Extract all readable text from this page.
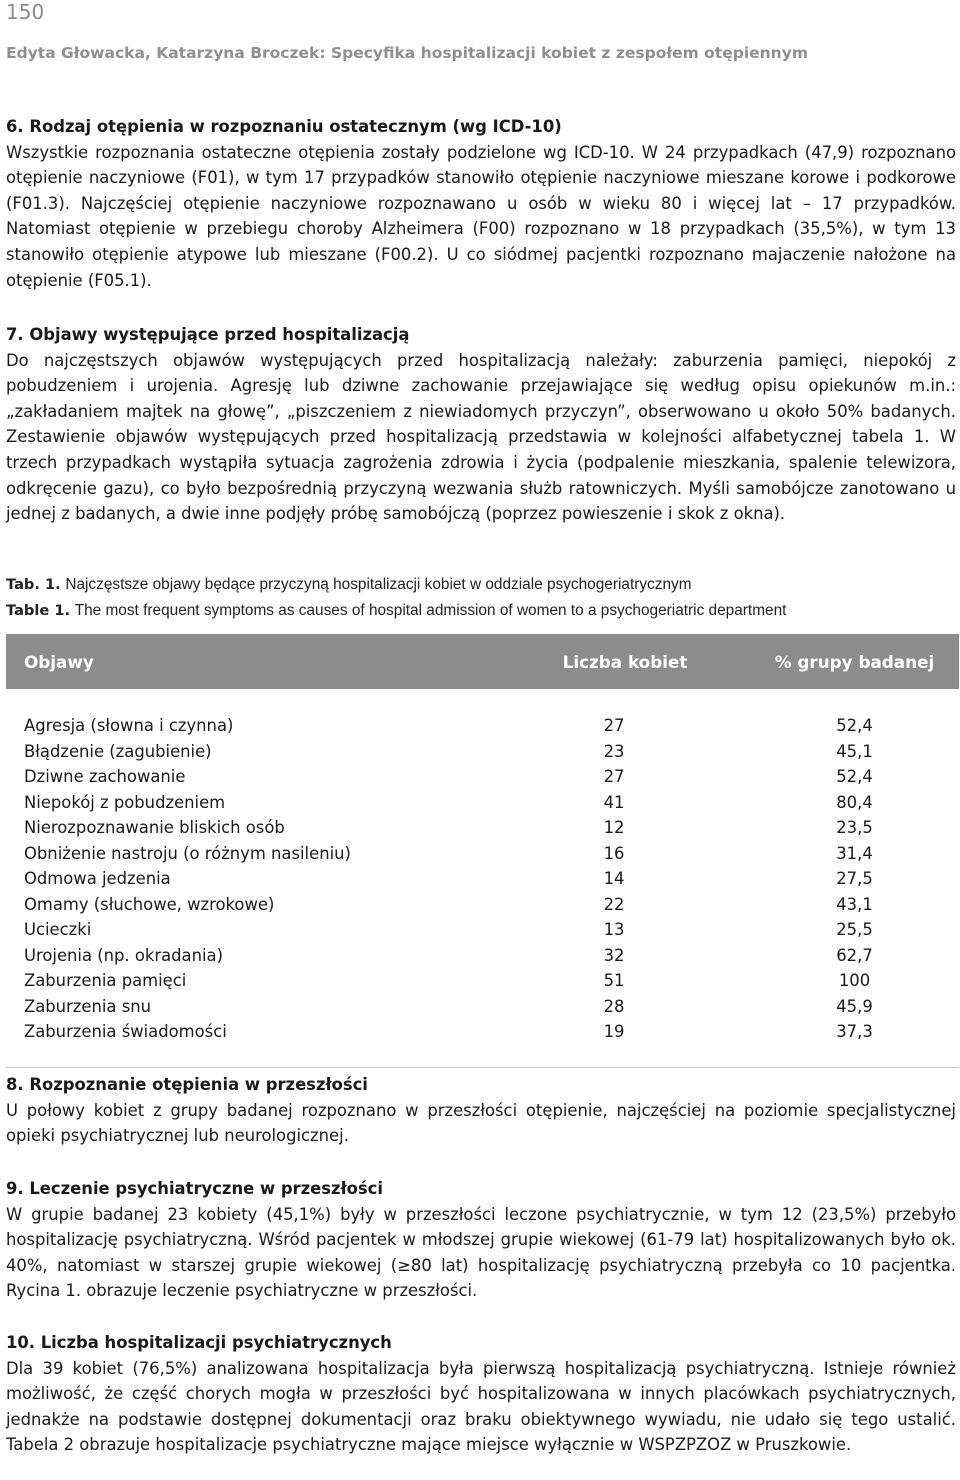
150
Edyta Głowacka, Katarzyna Broczek: Specyfika hospitalizacji kobiet z zespołem otępiennym
6. Rodzaj otępienia w rozpoznaniu ostatecznym (wg ICD-10)

Wszystkie rozpoznania ostateczne otępienia zostały podzielone wg ICD-10. W 24 przypadkach (47,9) rozpoznano otępienie naczyniowe (F01), w tym 17 przypadków stanowiło otępienie naczyniowe mieszane korowe i podkorowe (F01.3). Najczęściej otępienie naczyniowe rozpoznawano u osób w wieku 80 i więcej lat – 17 przypadków. Natomiast otępienie w przebiegu choroby Alzheimera (F00) rozpoznano w 18 przypadkach (35,5%), w tym 13 stanowiło otępienie atypowe lub mieszane (F00.2). U co siódmej pacjentki rozpoznano majaczenie nałożone na otępienie (F05.1).

7. Objawy występujące przed hospitalizacją

Do najczęstszych objawów występujących przed hospitalizacją należały: zaburzenia pamięci, niepokój z pobudzeniem i urojenia. Agresję lub dziwne zachowanie przejawiające się według opisu opiekunów m.in.: „zakładaniem majtek na głowę”, „piszczeniem z niewiadomych przyczyn”, obserwowano u około 50% badanych. Zestawienie objawów występujących przed hospitalizacją przedstawia w kolejności alfabetycznej tabela 1. W trzech przypadkach wystąpiła sytuacja zagrożenia zdrowia i życia (podpalenie mieszkania, spalenie telewizora, odkręcenie gazu), co było bezpośrednią przyczyną wezwania służb ratowniczych. Myśli samobójcze zanotowano u jednej z badanych, a dwie inne podjęły próbę samobójczą (poprzez powieszenie i skok z okna).

Tab. 1. Najczęstsze objawy będące przyczyną hospitalizacji kobiet w oddziale psychogeriatrycznym
Table 1. The most frequent symptoms as causes of hospital admission of women to a psychogeriatric department
Objawy	Liczba kobiet	% grupy badanej

Agresja (słowna i czynna)	27	52,4
Błądzenie (zagubienie)	23	45,1
Dziwne zachowanie	27	52,4
Niepokój z pobudzeniem	41	80,4
Nierozpoznawanie bliskich osób	12	23,5
Obniżenie nastroju (o różnym nasileniu)	16	31,4
Odmowa jedzenia	14	27,5
Omamy (słuchowe, wzrokowe)	22	43,1
Ucieczki	13	25,5
Urojenia (np. okradania)	32	62,7
Zaburzenia pamięci	51	100
Zaburzenia snu	28	45,9
Zaburzenia świadomości	19	37,3

8. Rozpoznanie otępienia w przeszłości

U połowy kobiet z grupy badanej rozpoznano w przeszłości otępienie, najczęściej na poziomie specjalistycznej opieki psychiatrycznej lub neurologicznej.

9. Leczenie psychiatryczne w przeszłości

W grupie badanej 23 kobiety (45,1%) były w przeszłości leczone psychiatrycznie, w tym 12 (23,5%) przebyło hospitalizację psychiatryczną. Wśród pacjentek w młodszej grupie wiekowej (61-79 lat) hospitalizowanych było ok. 40%, natomiast w starszej grupie wiekowej (≥80 lat) hospitalizację psychiatryczną przebyła co 10 pacjentka. Rycina 1. obrazuje leczenie psychiatryczne w przeszłości.

10. Liczba hospitalizacji psychiatrycznych

Dla 39 kobiet (76,5%) analizowana hospitalizacja była pierwszą hospitalizacją psychiatryczną. Istnieje również możliwość, że część chorych mogła w przeszłości być hospitalizowana w innych placówkach psychiatrycznych, jednakże na podstawie dostępnej dokumentacji oraz braku obiektywnego wywiadu, nie udało się tego ustalić. Tabela 2 obrazuje hospitalizacje psychiatryczne mające miejsce wyłącznie w WSPZPZOZ w Pruszkowie.
